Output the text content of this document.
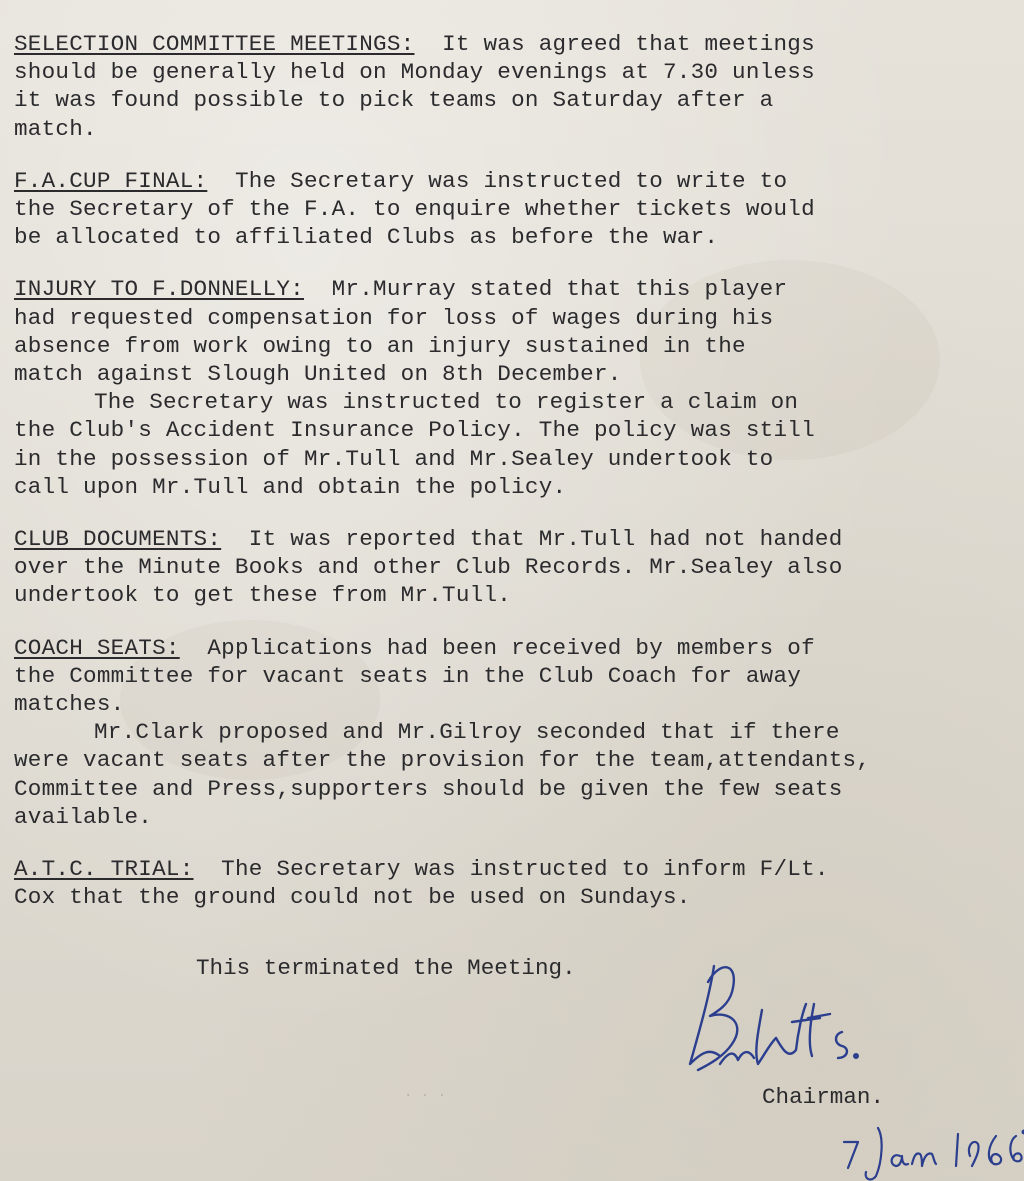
SELECTION COMMITTEE MEETINGS: It was agreed that meetings
should be generally held on Monday evenings at 7.30 unless
it was found possible to pick teams on Saturday after a
match.

F.A.CUP FINAL: The Secretary was instructed to write to
the Secretary of the F.A. to enquire whether tickets would
be allocated to affiliated Clubs as before the war.

INJURY TO F.DONNELLY: Mr.Murray stated that this player
had requested compensation for loss of wages during his
absence from work owing to an injury sustained in the
match against Slough United on 8th December.
The Secretary was instructed to register a claim on
the Club's Accident Insurance Policy. The policy was still
in the possession of Mr.Tull and Mr.Sealey undertook to
call upon Mr.Tull and obtain the policy.

CLUB DOCUMENTS: It was reported that Mr.Tull had not handed
over the Minute Books and other Club Records. Mr.Sealey also
undertook to get these from Mr.Tull.

COACH SEATS: Applications had been received by members of
the Committee for vacant seats in the Club Coach for away
matches.
Mr.Clark proposed and Mr.Gilroy seconded that if there
were vacant seats after the provision for the team,attendants,
Committee and Press,supporters should be given the few seats
available.

A.T.C. TRIAL: The Secretary was instructed to inform F/Lt.
Cox that the ground could not be used on Sundays.

This terminated the Meeting.
Chairman.
· · ·
